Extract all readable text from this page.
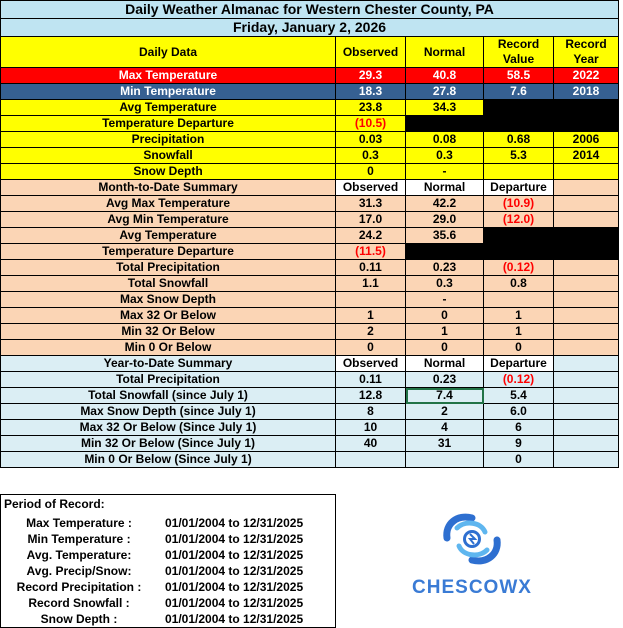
Daily Weather Almanac for Western Chester County, PA				
Friday, January 2, 2026				
Daily Data	Observed	Normal	Record Value	Record Year
Max Temperature	29.3	40.8	58.5	2022
Min Temperature	18.3	27.8	7.6	2018
Avg Temperature	23.8	34.3		
Temperature Departure	(10.5)			
Precipitation	0.03	0.08	0.68	2006
Snowfall	0.3	0.3	5.3	2014
Snow Depth	0	-		
Month-to-Date Summary	Observed	Normal	Departure	
Avg Max Temperature	31.3	42.2	(10.9)	
Avg Min Temperature	17.0	29.0	(12.0)	
Avg Temperature	24.2	35.6		
Temperature Departure	(11.5)			
Total Precipitation	0.11	0.23	(0.12)	
Total Snowfall	1.1	0.3	0.8	
Max Snow Depth		-		
Max 32 Or Below	1	0	1	
Min 32 Or Below	2	1	1	
Min 0 Or Below	0	0	0	
Year-to-Date Summary	Observed	Normal	Departure	
Total Precipitation	0.11	0.23	(0.12)	
Total Snowfall (since July 1)	12.8	7.4	5.4	
Max Snow Depth (since July 1)	8	2	6.0	
Max 32 Or Below (Since July 1)	10	4	6	
Min 32 Or Below (Since July 1)	40	31	9	
Min 0 Or Below (Since July 1)			0	
Period of Record:
Max Temperature :	01/01/2004 to 12/31/2025
Min Temperature :	01/01/2004 to 12/31/2025
Avg. Temperature:	01/01/2004 to 12/31/2025
Avg. Precip/Snow:	01/01/2004 to 12/31/2025
Record Precipitation :	01/01/2004 to 12/31/2025
Record Snowfall :	01/01/2004 to 12/31/2025
Snow Depth :	01/01/2004 to 12/31/2025
CHESCOWX
